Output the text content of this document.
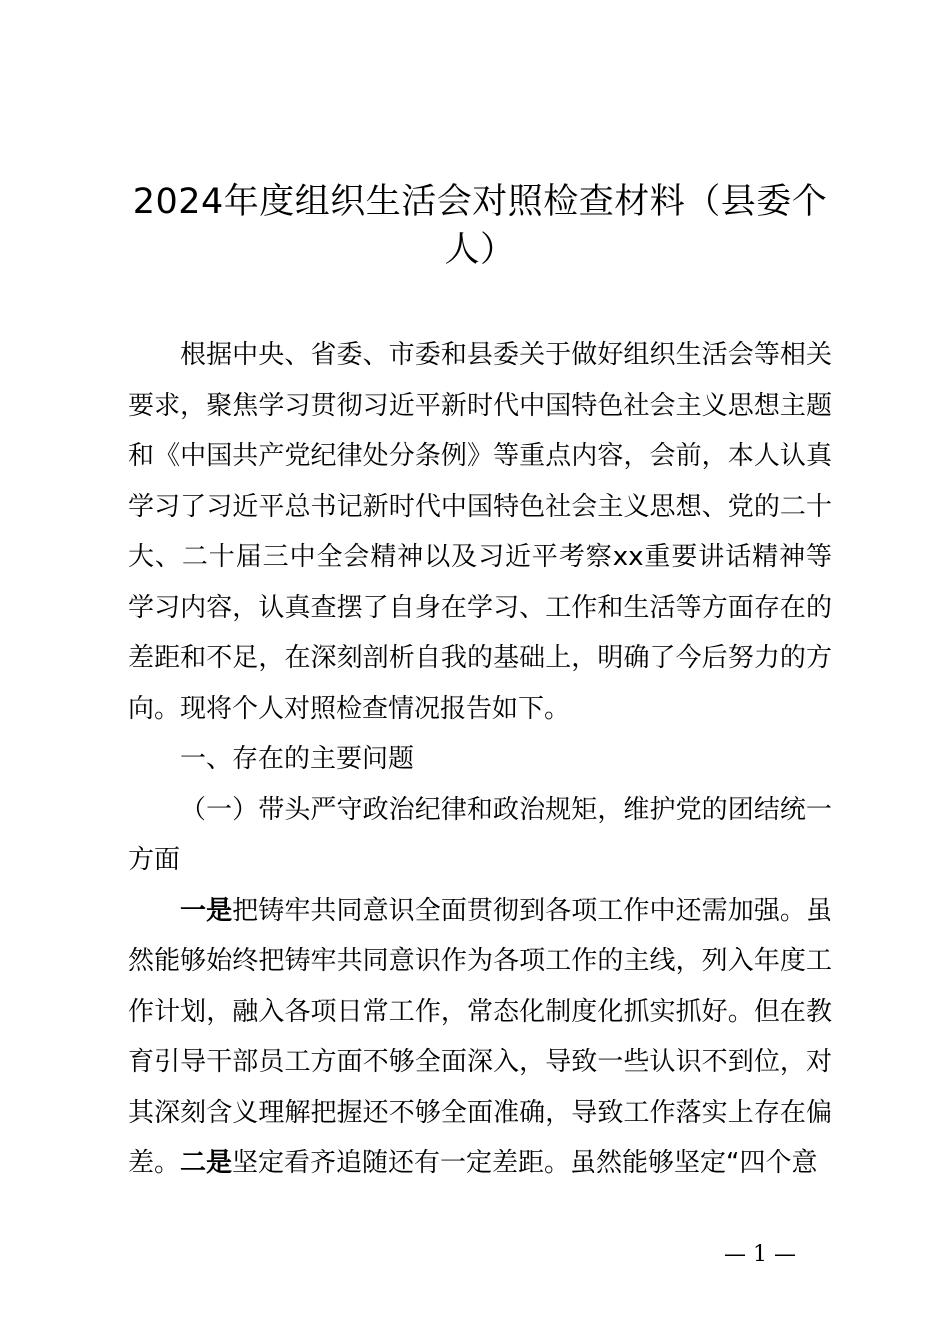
2024年度组织生活会对照检查材料（县委个人）

根据中央、省委、市委和县委关于做好组织生活会等相关要求，聚焦学习贯彻习近平新时代中国特色社会主义思想主题和《中国共产党纪律处分条例》等重点内容，会前，本人认真学习了习近平总书记新时代中国特色社会主义思想、党的二十大、二十届三中全会精神以及习近平考察xx重要讲话精神等学习内容，认真查摆了自身在学习、工作和生活等方面存在的差距和不足，在深刻剖析自我的基础上，明确了今后努力的方向。现将个人对照检查情况报告如下。

一、存在的主要问题

（一）带头严守政治纪律和政治规矩，维护党的团结统一方面

一是把铸牢共同意识全面贯彻到各项工作中还需加强。虽然能够始终把铸牢共同意识作为各项工作的主线，列入年度工作计划，融入各项日常工作，常态化制度化抓实抓好。但在教育引导干部员工方面不够全面深入，导致一些认识不到位，对其深刻含义理解把握还不够全面准确，导致工作落实上存在偏差。二是坚定看齐追随还有一定差距。虽然能够坚定“四个意

— 1 —
